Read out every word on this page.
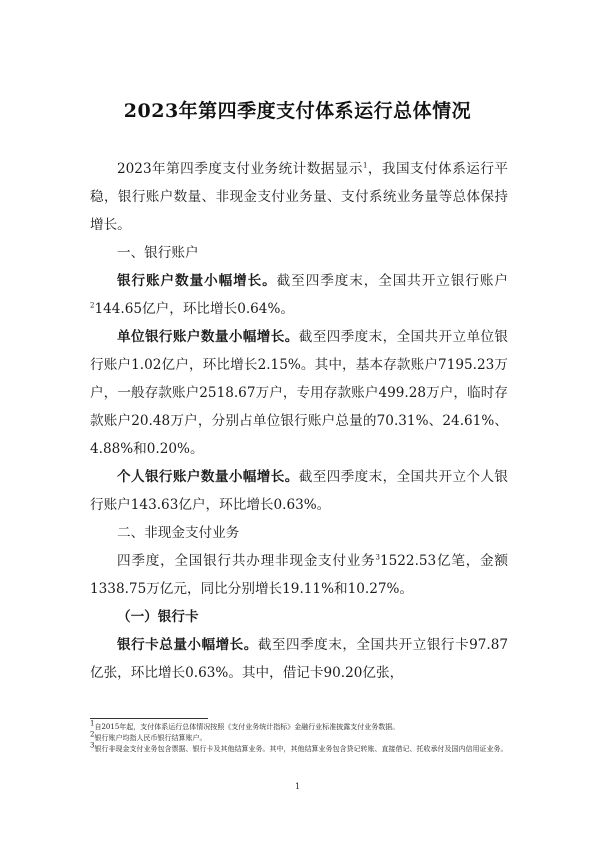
2023年第四季度支付体系运行总体情况

2023年第四季度支付业务统计数据显示$^1$，我国支付体系运行平稳，银行账户数量、非现金支付业务量、支付系统业务量等总体保持增长。

一、银行账户

银行账户数量小幅增长。截至四季度末，全国共开立银行账户$^2$144.65亿户，环比增长0.64%。

单位银行账户数量小幅增长。截至四季度末，全国共开立单位银行账户1.02亿户，环比增长2.15%。其中，基本存款账户7195.23万户，一般存款账户2518.67万户，专用存款账户499.28万户，临时存款账户20.48万户，分别占单位银行账户总量的70.31%、24.61%、4.88%和0.20%。

个人银行账户数量小幅增长。截至四季度末，全国共开立个人银行账户143.63亿户，环比增长0.63%。

二、非现金支付业务

四季度，全国银行共办理非现金支付业务$^3$1522.53亿笔，金额1338.75万亿元，同比分别增长19.11%和10.27%。

（一）银行卡

银行卡总量小幅增长。截至四季度末，全国共开立银行卡97.87亿张，环比增长0.63%。其中，借记卡90.20亿张，

$^1$自2015年起，支付体系运行总体情况按照《支付业务统计指标》金融行业标准披露支付业务数据。

$^2$银行账户均指人民币银行结算账户。

$^3$银行非现金支付业务包含票据、银行卡及其他结算业务。其中，其他结算业务包含贷记转账、直接借记、托收承付及国内信用证业务。

1
